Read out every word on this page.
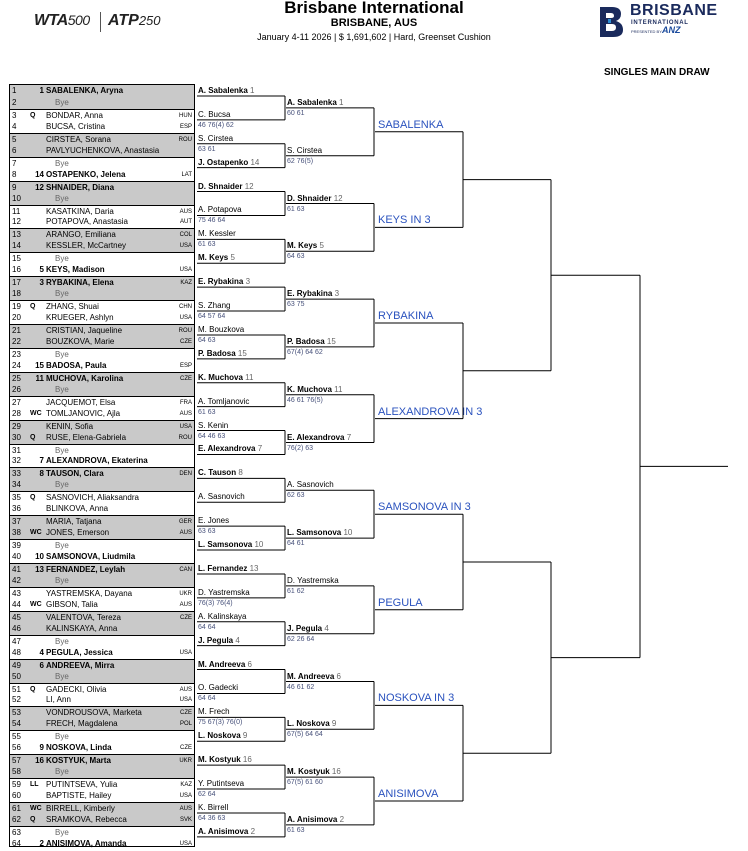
WTA500 ATP250
Brisbane International
BRISBANE, AUS
January 4-11 2026 | $ 1,691,602 | Hard, Greenset Cushion
BRISBANE
INTERNATIONAL
PRESENTED BY ANZ
SINGLES MAIN DRAW
1	1 SABALENKA, Aryna
2	Bye
3	Q	BONDAR, Anna	HUN
4	BUCSA, Cristina	ESP
5	CIRSTEA, Sorana	ROU
6	PAVLYUCHENKOVA, Anastasia
7	Bye
8	14 OSTAPENKO, Jelena	LAT
9	12 SHNAIDER, Diana
10	Bye
11	KASATKINA, Daria	AUS
12	POTAPOVA, Anastasia	AUT
13	ARANGO, Emiliana	COL
14	KESSLER, McCartney	USA
15	Bye
16	5 KEYS, Madison	USA
17	3 RYBAKINA, Elena	KAZ
18	Bye
19	Q	ZHANG, Shuai	CHN
20	KRUEGER, Ashlyn	USA
21	CRISTIAN, Jaqueline	ROU
22	BOUZKOVA, Marie	CZE
23	Bye
24	15 BADOSA, Paula	ESP
25	11 MUCHOVA, Karolina	CZE
26	Bye
27	JACQUEMOT, Elsa	FRA
28	WC TOMLJANOVIC, Ajla	AUS
29	KENIN, Sofia	USA
30	Q	RUSE, Elena-Gabriela	ROU
31	Bye
32	7 ALEXANDROVA, Ekaterina
33	8 TAUSON, Clara	DEN
34	Bye
35	Q	SASNOVICH, Aliaksandra
36	BLINKOVA, Anna
37	MARIA, Tatjana	GER
38	WC JONES, Emerson	AUS
39	Bye
40	10 SAMSONOVA, Liudmila
41	13 FERNANDEZ, Leylah	CAN
42	Bye
43	YASTREMSKA, Dayana	UKR
44	WC GIBSON, Talia	AUS
45	VALENTOVA, Tereza	CZE
46	KALINSKAYA, Anna
47	Bye
48	4 PEGULA, Jessica	USA
49	6 ANDREEVA, Mirra
50	Bye
51	Q	GADECKI, Olivia	AUS
52	LI, Ann	USA
53	VONDROUSOVA, Marketa	CZE
54	FRECH, Magdalena	POL
55	Bye
56	9 NOSKOVA, Linda	CZE
57	16 KOSTYUK, Marta	UKR
58	Bye
59	LL PUTINTSEVA, Yulia	KAZ
60	BAPTISTE, Hailey	USA
61	WC BIRRELL, Kimberly	AUS
62	Q	SRAMKOVA, Rebecca	SVK
63	Bye
64	2 ANISIMOVA, Amanda	USA
A. Sabalenka 1
C. Bucsa
S. Cirstea
J. Ostapenko 14
D. Shnaider 12
A. Potapova
M. Kessler
M. Keys 5
E. Rybakina 3
S. Zhang
M. Bouzkova
P. Badosa 15
K. Muchova 11
A. Tomljanovic
S. Kenin
E. Alexandrova 7
C. Tauson 8
A. Sasnovich
E. Jones
L. Samsonova 10
L. Fernandez 13
D. Yastremska
A. Kalinskaya
J. Pegula 4
M. Andreeva 6
O. Gadecki
M. Frech
L. Noskova 9
M. Kostyuk 16
Y. Putintseva
K. Birrell
A. Anisimova 2
46 76(4) 62
63 61
75 46 64
61 63
64 57 64
64 63
61 63
64 46 63
63 63
76(3) 76(4)
64 64
64 64
75 67(3) 76(0)
62 64
64 36 63
A. Sabalenka 1
60 61
S. Cirstea
62 76(5)
D. Shnaider 12
61 63
M. Keys 5
64 63
E. Rybakina 3
63 75
P. Badosa 15
67(4) 64 62
K. Muchova 11
46 61 76(5)
E. Alexandrova 7
76(2) 63
A. Sasnovich
62 63
L. Samsonova 10
64 61
D. Yastremska
61 62
J. Pegula 4
62 26 64
M. Andreeva 6
46 61 62
L. Noskova 9
67(5) 64 64
M. Kostyuk 16
67(5) 61 60
A. Anisimova 2
61 63
SABALENKA
KEYS IN 3
RYBAKINA
ALEXANDROVA IN 3
SAMSONOVA IN 3
PEGULA
NOSKOVA IN 3
ANISIMOVA
